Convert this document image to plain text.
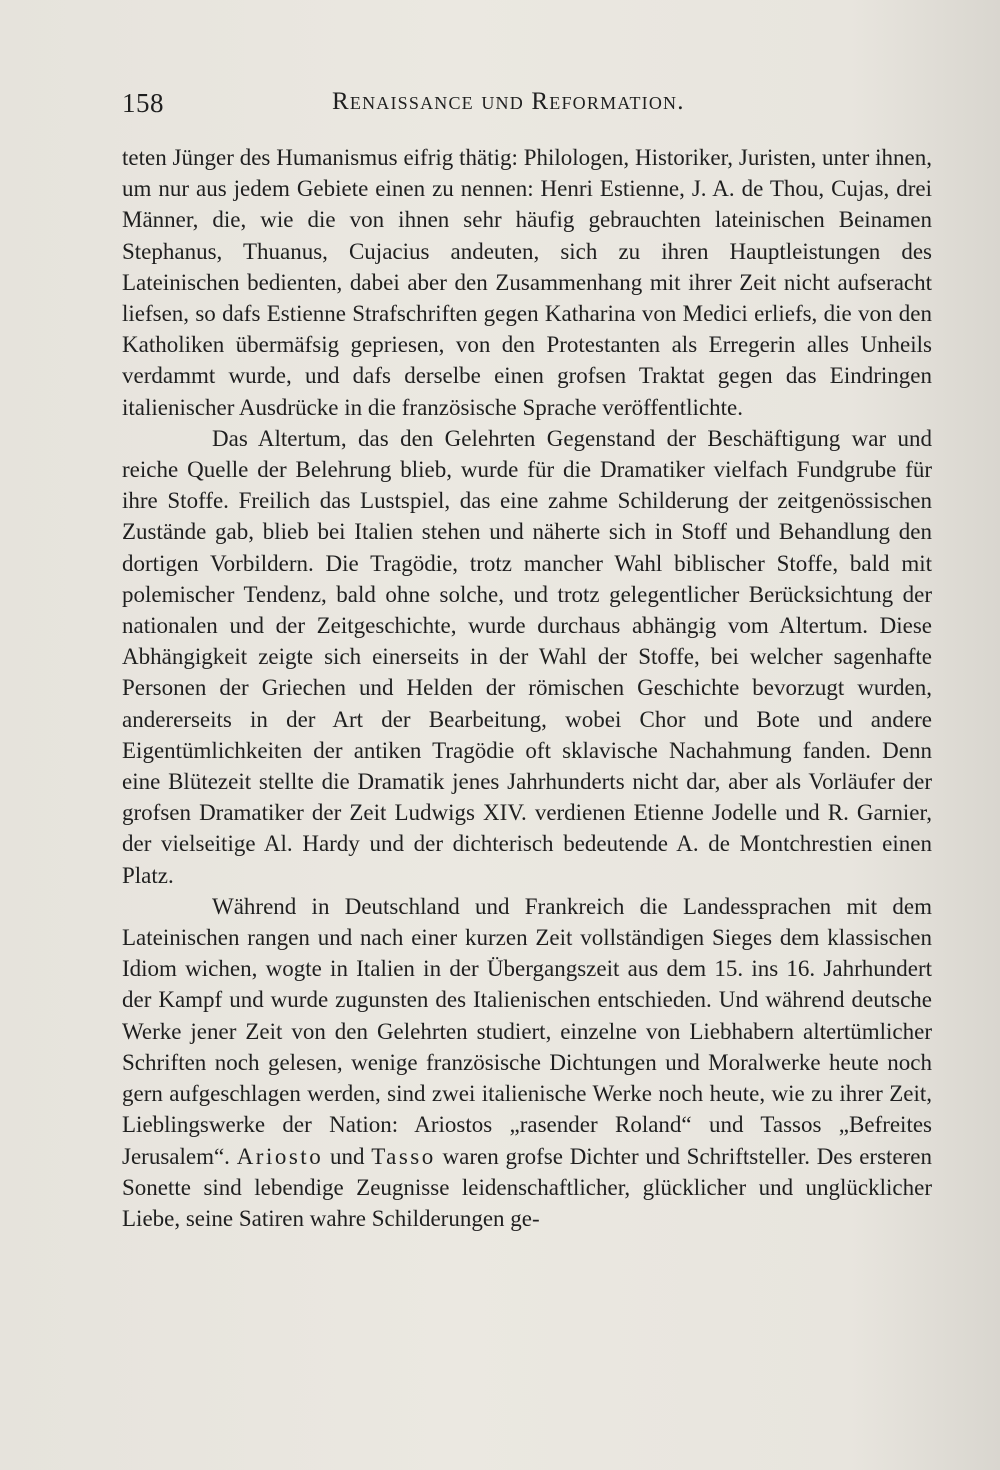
158	Renaissance und Reformation.

teten Jünger des Humanismus eifrig thätig: Philologen, Historiker, Juristen, unter ihnen, um nur aus jedem Gebiete einen zu nennen: Henri Estienne, J. A. de Thou, Cujas, drei Männer, die, wie die von ihnen sehr häufig gebrauchten lateinischen Beinamen Stephanus, Thuanus, Cujacius andeuten, sich zu ihren Hauptleistungen des Lateinischen bedienten, dabei aber den Zusammenhang mit ihrer Zeit nicht aufseracht liefsen, so dafs Estienne Strafschriften gegen Katharina von Medici erliefs, die von den Katholiken übermäfsig gepriesen, von den Protestanten als Erregerin alles Unheils verdammt wurde, und dafs derselbe einen grofsen Traktat gegen das Eindringen italienischer Ausdrücke in die französische Sprache veröffentlichte.

Das Altertum, das den Gelehrten Gegenstand der Beschäftigung war und reiche Quelle der Belehrung blieb, wurde für die Dramatiker vielfach Fundgrube für ihre Stoffe. Freilich das Lustspiel, das eine zahme Schilderung der zeitgenössischen Zustände gab, blieb bei Italien stehen und näherte sich in Stoff und Behandlung den dortigen Vorbildern. Die Tragödie, trotz mancher Wahl biblischer Stoffe, bald mit polemischer Tendenz, bald ohne solche, und trotz gelegentlicher Berücksichtung der nationalen und der Zeitgeschichte, wurde durchaus abhängig vom Altertum. Diese Abhängigkeit zeigte sich einerseits in der Wahl der Stoffe, bei welcher sagenhafte Personen der Griechen und Helden der römischen Geschichte bevorzugt wurden, andererseits in der Art der Bearbeitung, wobei Chor und Bote und andere Eigentümlichkeiten der antiken Tragödie oft sklavische Nachahmung fanden. Denn eine Blütezeit stellte die Dramatik jenes Jahrhunderts nicht dar, aber als Vorläufer der grofsen Dramatiker der Zeit Ludwigs XIV. verdienen Etienne Jodelle und R. Garnier, der vielseitige Al. Hardy und der dichterisch bedeutende A. de Montchrestien einen Platz.

Während in Deutschland und Frankreich die Landessprachen mit dem Lateinischen rangen und nach einer kurzen Zeit vollständigen Sieges dem klassischen Idiom wichen, wogte in Italien in der Übergangszeit aus dem 15. ins 16. Jahrhundert der Kampf und wurde zugunsten des Italienischen entschieden. Und während deutsche Werke jener Zeit von den Gelehrten studiert, einzelne von Liebhabern altertümlicher Schriften noch gelesen, wenige französische Dichtungen und Moralwerke heute noch gern aufgeschlagen werden, sind zwei italienische Werke noch heute, wie zu ihrer Zeit, Lieblingswerke der Nation: Ariostos „rasender Roland“ und Tassos „Befreites Jerusalem“. Ariosto und Tasso waren grofse Dichter und Schriftsteller. Des ersteren Sonette sind lebendige Zeugnisse leidenschaftlicher, glücklicher und unglücklicher Liebe, seine Satiren wahre Schilderungen ge-
